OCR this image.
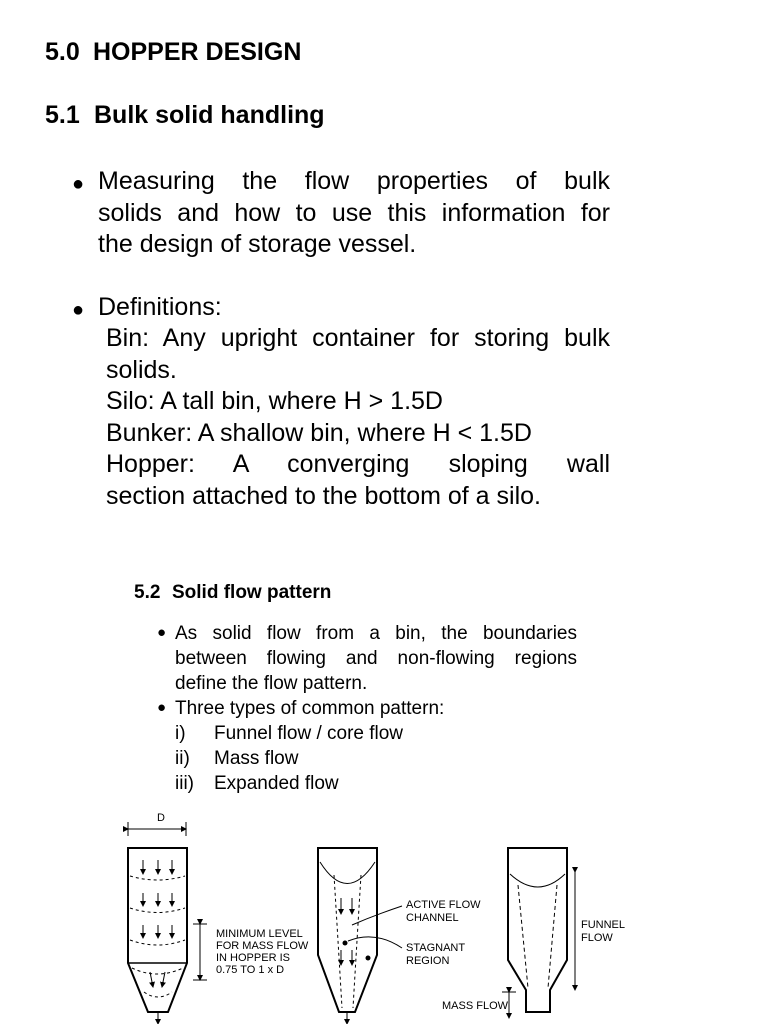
5.0 HOPPER DESIGN
5.1 Bulk solid handling
● Measuring the flow properties of bulk
solids and how to use this information for
the design of storage vessel.
● Definitions:
Bin: Any upright container for storing bulk
solids.
Silo: A tall bin, where H > 1.5D
Bunker: A shallow bin, where H < 1.5D
Hopper: A converging sloping wall
section attached to the bottom of a silo.
5.2 Solid flow pattern
● As solid flow from a bin, the boundaries
between flowing and non-flowing regions
define the flow pattern.
● Three types of common pattern:
i) Funnel flow / core flow
ii) Mass flow
iii) Expanded flow
D
MINIMUM LEVEL FOR MASS FLOW IN HOPPER IS 0.75 TO 1 x D
ACTIVE FLOW CHANNEL
STAGNANT REGION
FUNNEL FLOW
MASS FLOW
